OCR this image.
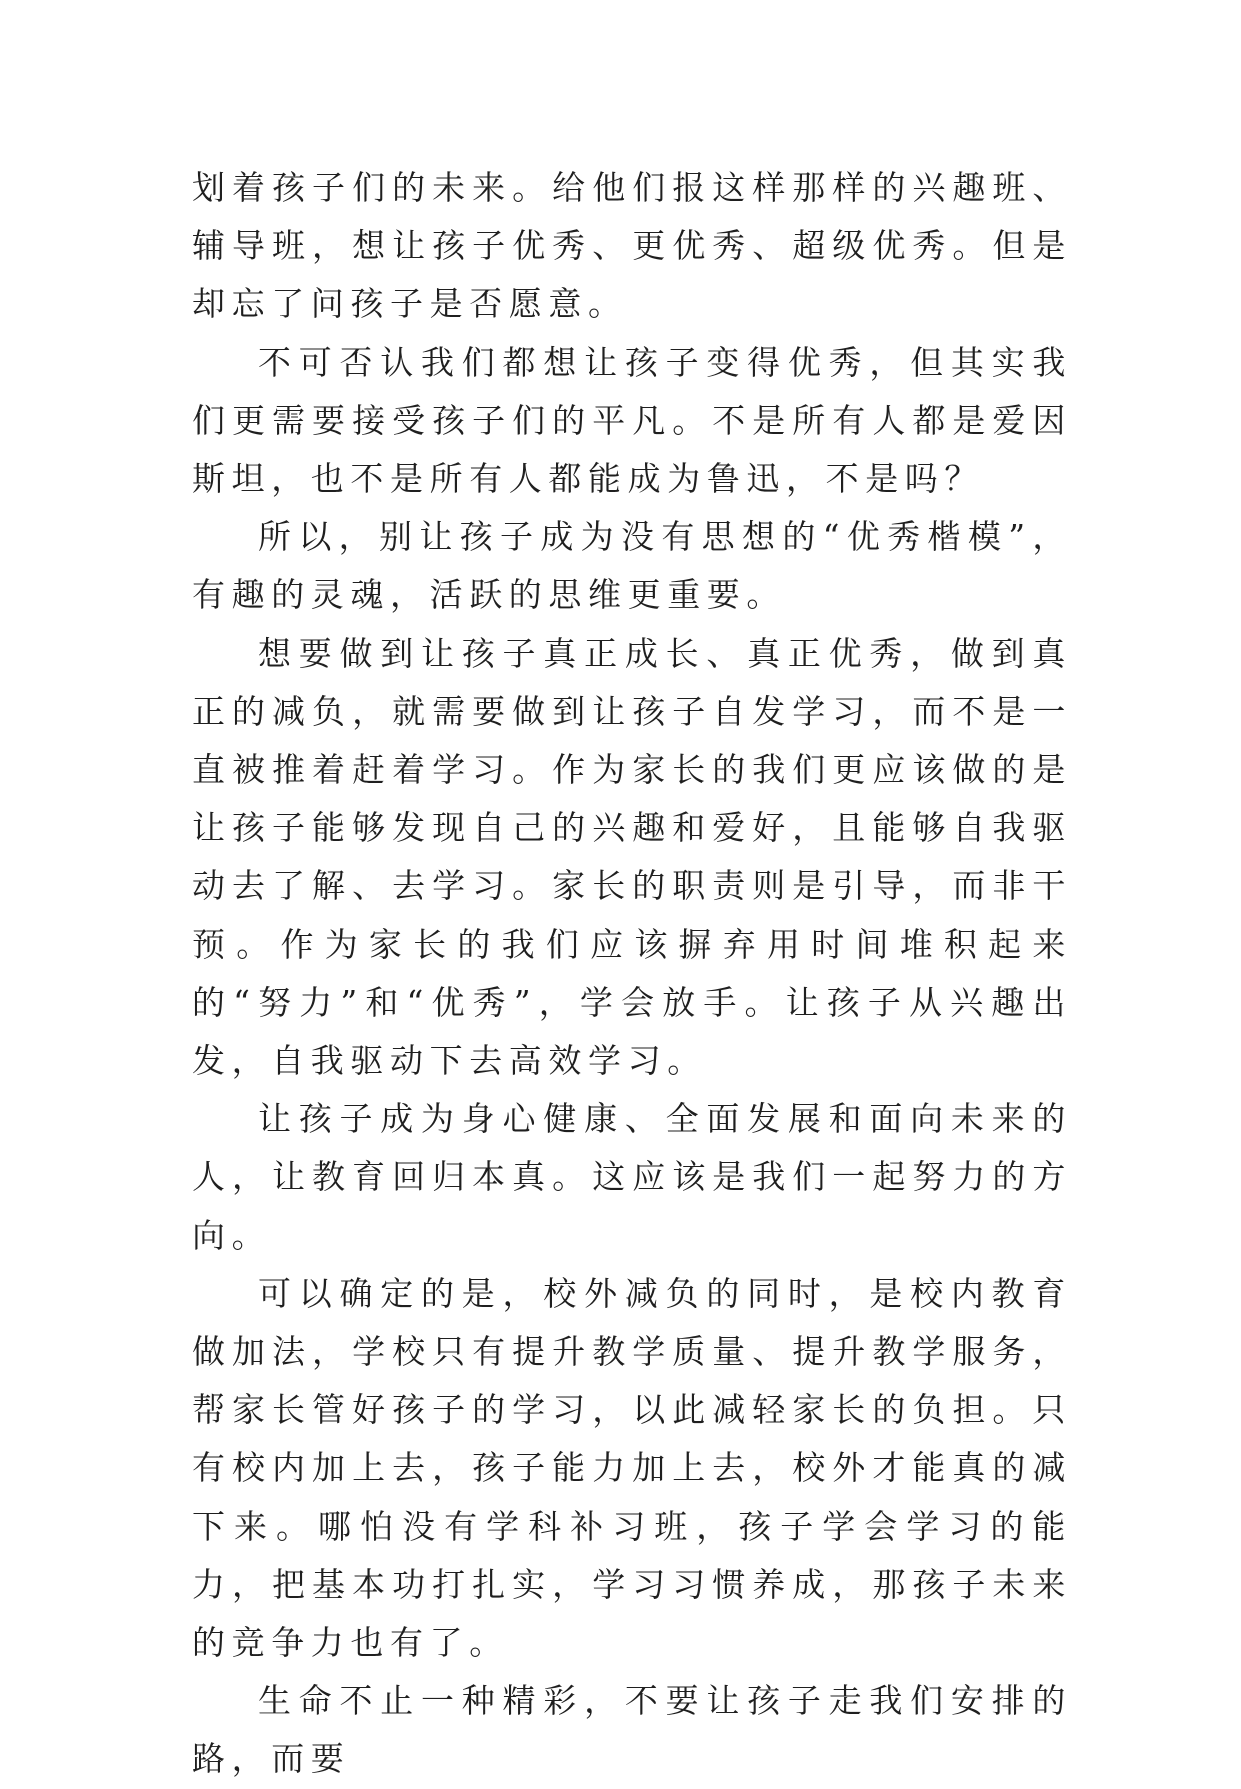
划着孩子们的未来。给他们报这样那样的兴趣班、辅导班，想让孩子优秀、更优秀、超级优秀。但是却忘了问孩子是否愿意。

不可否认我们都想让孩子变得优秀，但其实我们更需要接受孩子们的平凡。不是所有人都是爱因斯坦，也不是所有人都能成为鲁迅，不是吗？

所以，别让孩子成为没有思想的“优秀楷模”，有趣的灵魂，活跃的思维更重要。

想要做到让孩子真正成长、真正优秀，做到真正的减负，就需要做到让孩子自发学习，而不是一直被推着赶着学习。作为家长的我们更应该做的是让孩子能够发现自己的兴趣和爱好，且能够自我驱动去了解、去学习。家长的职责则是引导，而非干预。作为家长的我们应该摒弃用时间堆积起来的“努力”和“优秀”，学会放手。让孩子从兴趣出发，自我驱动下去高效学习。

让孩子成为身心健康、全面发展和面向未来的人，让教育回归本真。这应该是我们一起努力的方向。

可以确定的是，校外减负的同时，是校内教育做加法，学校只有提升教学质量、提升教学服务，帮家长管好孩子的学习，以此减轻家长的负担。只有校内加上去，孩子能力加上去，校外才能真的减下来。哪怕没有学科补习班，孩子学会学习的能力，把基本功打扎实，学习习惯养成，那孩子未来的竞争力也有了。

生命不止一种精彩，不要让孩子走我们安排的路，而要
